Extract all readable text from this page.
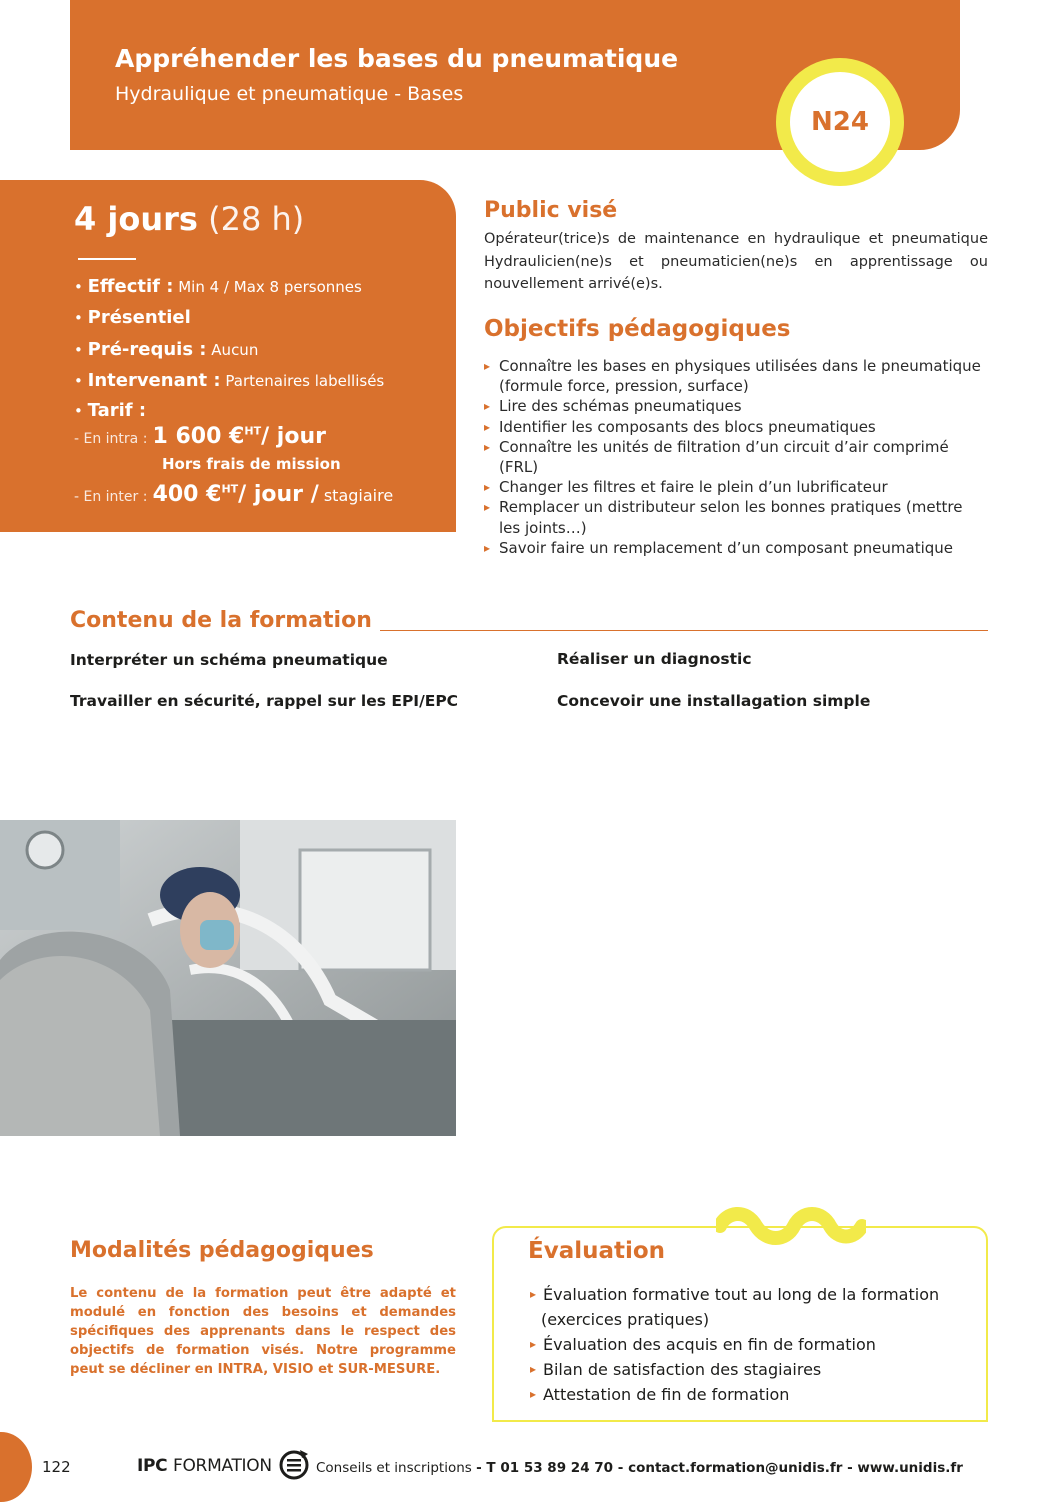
Appréhender les bases du pneumatique
Hydraulique et pneumatique - Bases
N24
4 jours (28 h)
• Effectif : Min 4 / Max 8 personnes
• Présentiel
• Pré-requis : Aucun
• Intervenant : Partenaires labellisés
• Tarif :
- En intra : 1 600 €$^{HT}$/ jour
Hors frais de mission
- En inter : 400 €$^{HT}$/ jour / stagiaire
Public visé
Opérateur(trice)s de maintenance en hydraulique et pneumatique Hydraulicien(ne)s et pneumaticien(ne)s en apprentissage ou nouvellement arrivé(e)s.
Objectifs pédagogiques
▸ Connaître les bases en physiques utilisées dans le pneumatique (formule force, pression, surface)
▸ Lire des schémas pneumatiques
▸ Identifier les composants des blocs pneumatiques
▸ Connaître les unités de filtration d’un circuit d’air comprimé (FRL)
▸ Changer les filtres et faire le plein d’un lubrificateur
▸ Remplacer un distributeur selon les bonnes pratiques (mettre les joints…)
▸ Savoir faire un remplacement d’un composant pneumatique
Contenu de la formation
Interpréter un schéma pneumatique
Travailler en sécurité, rappel sur les EPI/EPC
Réaliser un diagnostic
Concevoir une installagation simple
Modalités pédagogiques
Le contenu de la formation peut être adapté et modulé en fonction des besoins et demandes spécifiques des apprenants dans le respect des objectifs de formation visés. Notre programme peut se décliner en INTRA, VISIO et SUR-MESURE.
Évaluation
▸ Évaluation formative tout au long de la formation
(exercices pratiques)
▸ Évaluation des acquis en fin de formation
▸ Bilan de satisfaction des stagiaires
▸ Attestation de fin de formation
122	IPC FORMATION	Conseils et inscriptions - T 01 53 89 24 70 - contact.formation@unidis.fr - www.unidis.fr
